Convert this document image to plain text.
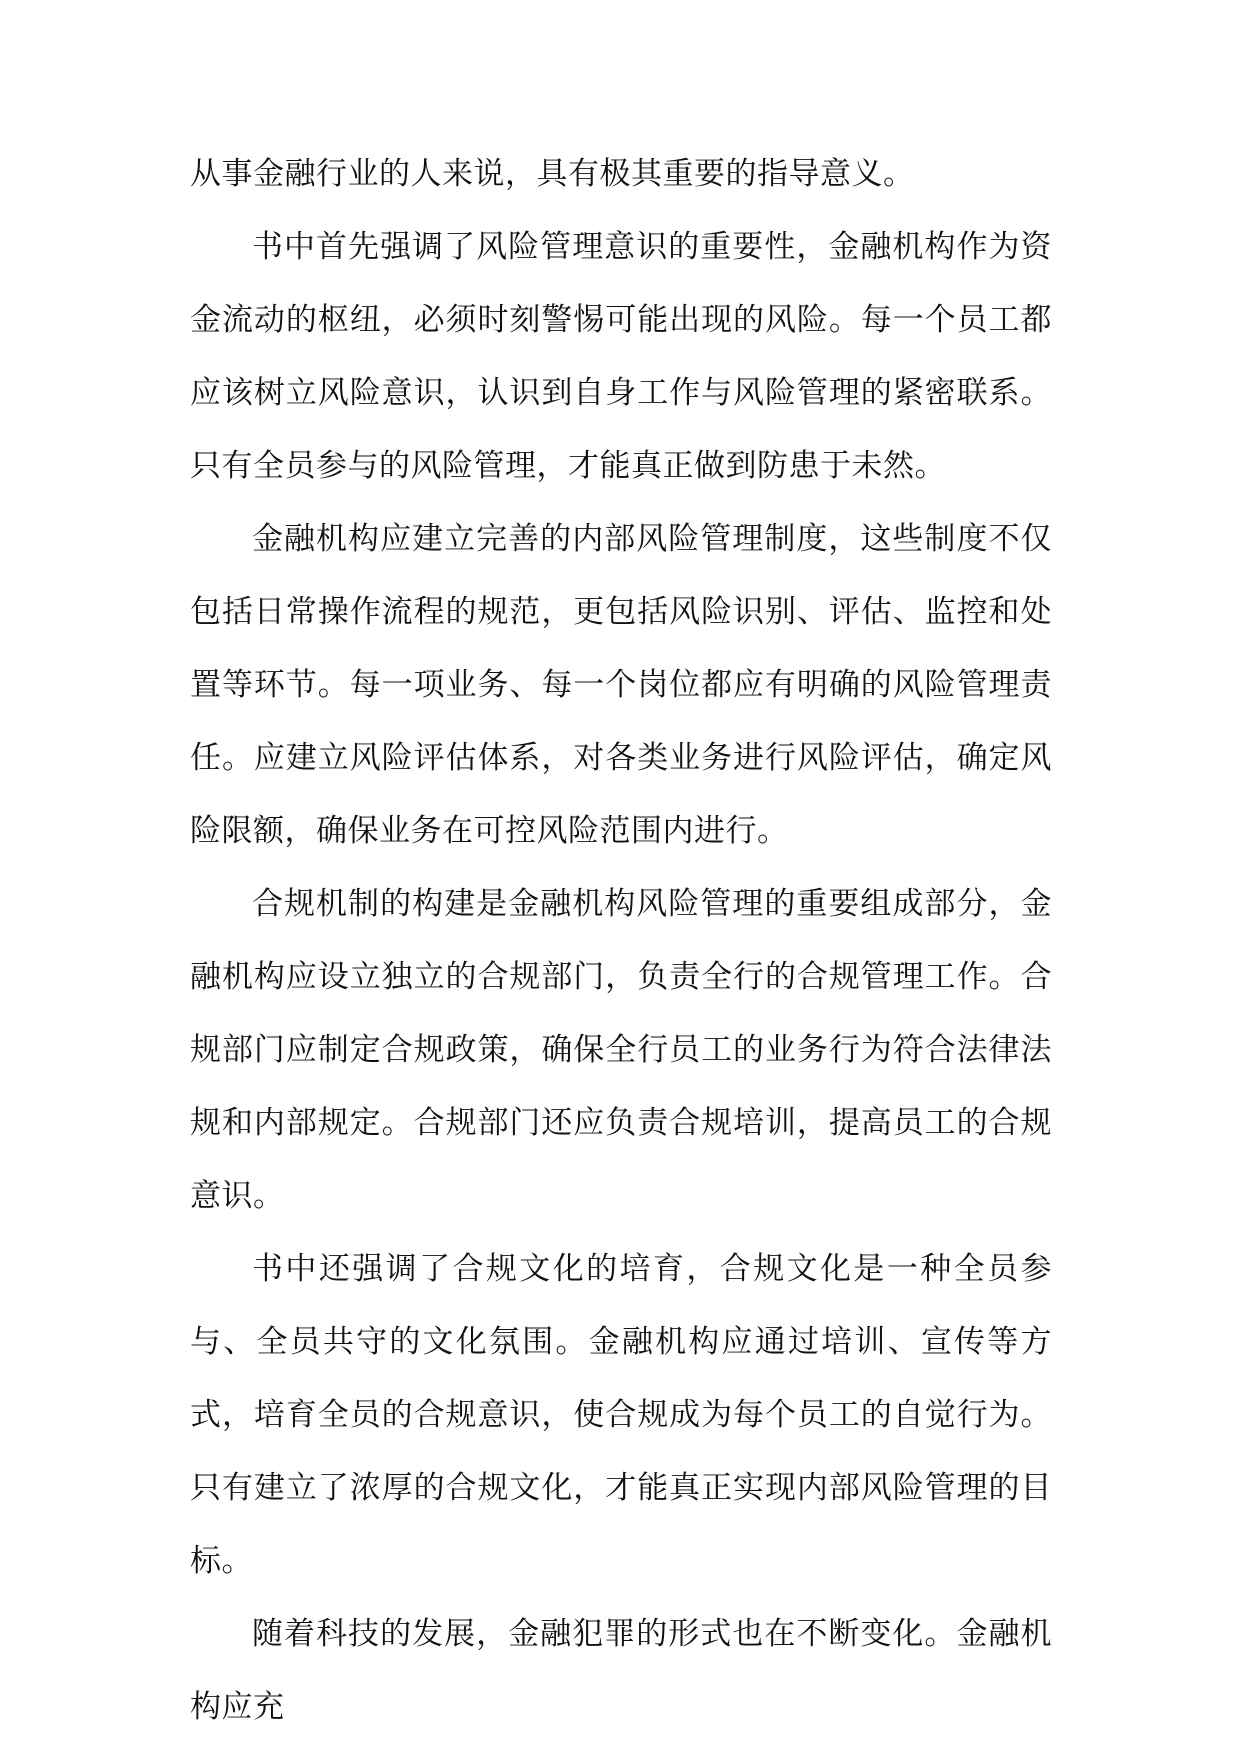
从事金融行业的人来说，具有极其重要的指导意义。

书中首先强调了风险管理意识的重要性，金融机构作为资金流动的枢纽，必须时刻警惕可能出现的风险。每一个员工都应该树立风险意识，认识到自身工作与风险管理的紧密联系。只有全员参与的风险管理，才能真正做到防患于未然。

金融机构应建立完善的内部风险管理制度，这些制度不仅包括日常操作流程的规范，更包括风险识别、评估、监控和处置等环节。每一项业务、每一个岗位都应有明确的风险管理责任。应建立风险评估体系，对各类业务进行风险评估，确定风险限额，确保业务在可控风险范围内进行。

合规机制的构建是金融机构风险管理的重要组成部分，金融机构应设立独立的合规部门，负责全行的合规管理工作。合规部门应制定合规政策，确保全行员工的业务行为符合法律法规和内部规定。合规部门还应负责合规培训，提高员工的合规意识。

书中还强调了合规文化的培育，合规文化是一种全员参与、全员共守的文化氛围。金融机构应通过培训、宣传等方式，培育全员的合规意识，使合规成为每个员工的自觉行为。只有建立了浓厚的合规文化，才能真正实现内部风险管理的目标。

随着科技的发展，金融犯罪的形式也在不断变化。金融机构应充
